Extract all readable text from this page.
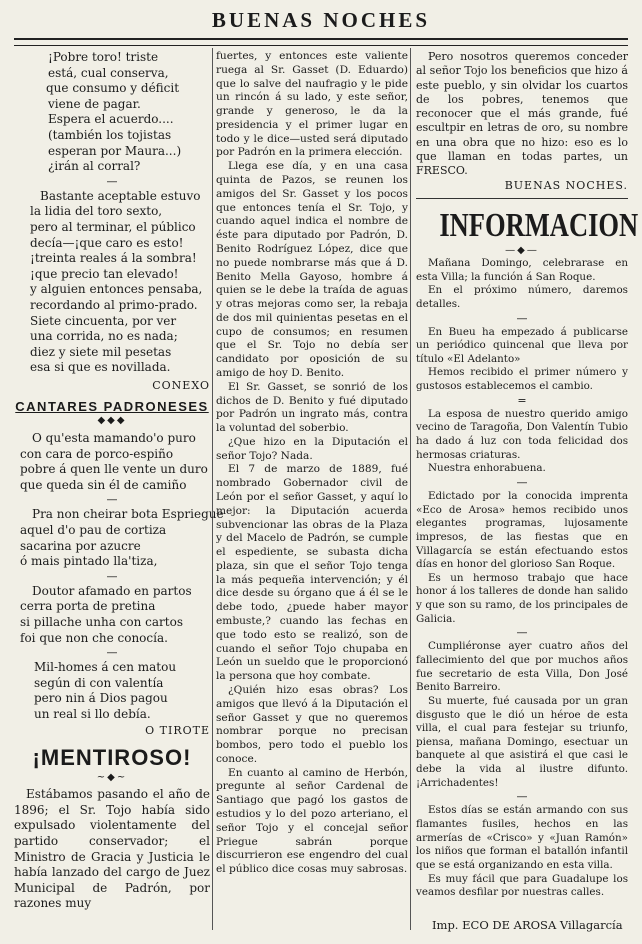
BUENAS NOCHES

¡Pobre toro! triste

está, cual conserva,

que consumo y déficit

viene de pagar.

Espera el acuerdo....

(también los tojistas

esperan por Maura...)

¿irán al corral?

—

Bastante aceptable estuvo

la lidia del toro sexto,

pero al terminar, el público

decía—¡que caro es esto!

¡treinta reales á la sombra!

¡que precio tan elevado!

y alguien entonces pensaba,

recordando al primo-prado.

Siete cincuenta, por ver

una corrida, no es nada;

diez y siete mil pesetas

esa si que es novillada.

CONEXO

CANTARES PADRONESES
◆◆◆

O qu'esta mamando'o puro

con cara de porco-espiño

pobre á quen lle vente un duro

que queda sin él de camiño

—

Pra non cheirar bota Espriegue

aquel d'o pau de cortiza

sacarina por azucre

ó mais pintado lla'tiza,

—

Doutor afamado en partos

cerra porta de pretina

si pillache unha con cartos

foi que non che conocía.

—

Mil-homes á cen matou

según di con valentía

pero nin á Dios pagou

un real si llo debía.

O TIROTE

¡MENTIROSO!
~◆~

Estábamos pasando el año de 1896; el Sr. Tojo había sido expulsado violentamente del partido conservador; el Ministro de Gracia y Justicia le había lanzado del cargo de Juez Municipal de Padrón, por razones muy

fuertes, y entonces este valiente ruega al Sr. Gasset (D. Eduardo) que lo salve del naufragio y le pide un rincón á su lado, y este señor, grande y generoso, le da la presidencia y el primer lugar en todo y le dice—usted será diputado por Padrón en la primera elección.

Llega ese día, y en una casa quinta de Pazos, se reunen los amigos del Sr. Gasset y los pocos que entonces tenía el Sr. Tojo, y cuando aquel indica el nombre de éste para diputado por Padrón, D. Benito Rodríguez López, dice que no puede nombrarse más que á D. Benito Mella Gayoso, hombre á quien se le debe la traída de aguas y otras mejoras como ser, la rebaja de dos mil quinientas pesetas en el cupo de consumos; en resumen que el Sr. Tojo no debía ser candidato por oposición de su amigo de hoy D. Benito.

El Sr. Gasset, se sonrió de los dichos de D. Benito y fué diputado por Padrón un ingrato más, contra la voluntad del soberbio.

¿Que hizo en la Diputación el señor Tojo? Nada.

El 7 de marzo de 1889, fué nombrado Gobernador civil de León por el señor Gasset, y aquí lo mejor: la Diputación acuerda subvencionar las obras de la Plaza y del Macelo de Padrón, se cumple el espediente, se subasta dicha plaza, sin que el señor Tojo tenga la más pequeña intervención; y él dice desde su órgano que á él se le debe todo, ¿puede haber mayor embuste,? cuando las fechas en que todo esto se realizó, son de cuando el señor Tojo chupaba en León un sueldo que le proporcionó la persona que hoy combate.

¿Quién hizo esas obras? Los amigos que llevó á la Diputación el señor Gasset y que no queremos nombrar porque no precisan bombos, pero todo el pueblo los conoce.

En cuanto al camino de Herbón, pregunte al señor Cardenal de Santiago que pagó los gastos de estudios y lo del pozo arteriano, el señor Tojo y el concejal señor Priegue sabrán porque discurrieron ese engendro del cual el público dice cosas muy sabrosas.

Pero nosotros queremos conceder al señor Tojo los beneficios que hizo á este pueblo, y sin olvidar los cuartos de los pobres, tenemos que reconocer que el más grande, fué escultpir en letras de oro, su nombre en una obra que no hizo: eso es lo que llaman en todas partes, un FRESCO.

BUENAS NOCHES.

INFORMACION
—◆—

Mañana Domingo, celebrarase en esta Villa; la función á San Roque.

En el próximo número, daremos detalles.

—

En Bueu ha empezado á publicarse un periódico quincenal que lleva por título «El Adelanto»

Hemos recibido el primer número y gustosos establecemos el cambio.

=

La esposa de nuestro querido amigo vecino de Taragoña, Don Valentín Tubio ha dado á luz con toda felicidad dos hermosas criaturas.

Nuestra enhorabuena.

—

Edictado por la conocida imprenta «Eco de Arosa» hemos recibido unos elegantes programas, lujosamente impresos, de las fiestas que en Villagarcía se están efectuando estos días en honor del glorioso San Roque.

Es un hermoso trabajo que hace honor á los talleres de donde han salido y que son su ramo, de los principales de Galicia.

—

Cumpliéronse ayer cuatro años del fallecimiento del que por muchos años fue secretario de esta Villa, Don José Benito Barreiro.

Su muerte, fué causada por un gran disgusto que le dió un héroe de esta villa, el cual para festejar su triunfo, piensa, mañana Domingo, esectuar un banquete al que asistirá el que casi le debe la vida al ilustre difunto. ¡Arrichadentes!

—

Estos días se están armando con sus flamantes fusiles, hechos en las armerías de «Crisco» y «Juan Ramón» los niños que forman el batallón infantil que se está organizando en esta villa.

Es muy fácil que para Guadalupe los veamos desfilar por nuestras calles.

Imp. ECO DE AROSA Villagarcía
